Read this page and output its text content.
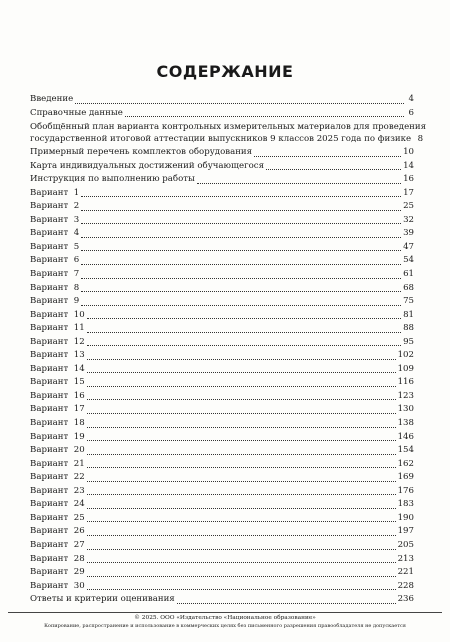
СОДЕРЖАНИЕ
Введение	4
Справочные данные	6
Обобщённый план варианта контрольных измерительных материалов для проведения
государственной итоговой аттестации выпускников 9 классов 2025 года по физике 8
Примерный перечень комплектов оборудования	10
Карта индивидуальных достижений обучающегося	14
Инструкция по выполнению работы	16
Вариант  1	17
Вариант  2	25
Вариант  3	32
Вариант  4	39
Вариант  5	47
Вариант  6	54
Вариант  7	61
Вариант  8	68
Вариант  9	75
Вариант  10	81
Вариант  11	88
Вариант  12	95
Вариант  13	102
Вариант  14	109
Вариант  15	116
Вариант  16	123
Вариант  17	130
Вариант  18	138
Вариант  19	146
Вариант  20	154
Вариант  21	162
Вариант  22	169
Вариант  23	176
Вариант  24	183
Вариант  25	190
Вариант  26	197
Вариант  27	205
Вариант  28	213
Вариант  29	221
Вариант  30	228
Ответы и критерии оценивания	236
© 2025. ООО «Издательство «Национальное образование»
Копирование, распространение и использование в коммерческих целях без письменного разрешения правообладателя не допускается
